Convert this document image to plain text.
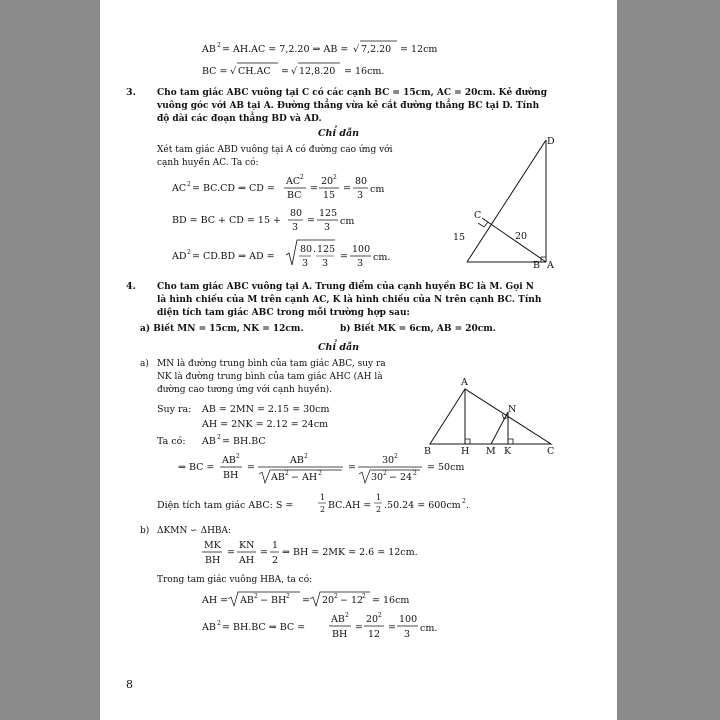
AB 2 = AH.AC = 7,2.20 ⇒ AB = √ 7,2.20 = 12cm
BC = √ CH.AC = √ 12,8.20 = 16cm.
3. Cho tam giác ABC vuông tại C có các cạnh BC = 15cm, AC = 20cm. Kẻ đường
vuông góc với AB tại A. Đường thẳng vừa kẻ cắt đường thẳng BC tại D. Tính
độ dài các đoạn thẳng BD và AD.
Chỉ dẫn
Xét tam giác ABD vuông tại A có đường cao ứng với
cạnh huyền AC. Ta có:
AC 2 = BC.CD ⇒ CD =
AC 2
BC
=
20 2
15
=
80
3
cm
BD = BC + CD = 15 +
80
3
=
125
3
cm
AD 2 = CD.BD ⇒ AD =
80 . 125
3 3
=
100
3
cm.
D
C
15	20
B A
4. Cho tam giác ABC vuông tại A. Trung điểm của cạnh huyền BC là M. Gọi N
là hình chiếu của M trên cạnh AC, K là hình chiếu của N trên cạnh BC. Tính
diện tích tam giác ABC trong mỗi trường hợp sau:
a) Biết MN = 15cm, NK = 12cm.	b) Biết MK = 6cm, AB = 20cm.
Chỉ dẫn
a) MN là đường trung bình của tam giác ABC, suy ra
NK là đường trung bình của tam giác AHC (AH là
đường cao tương ứng với cạnh huyền).
Suy ra: AB = 2MN = 2.15 = 30cm
AH = 2NK = 2.12 = 24cm
Ta có: AB 2 = BH.BC
⇒ BC =
AB 2
BH
=
AB 2
AB 2 − AH 2
=
30 2
30 2 − 24 2
= 50cm
Diện tích tam giác ABC: S =
1
2 BC.AH =
1
2 .50.24 = 600cm 2 .
b) ΔKMN ∽ ΔHBA:
MK
BH
=
KN
AH
=
1
2
⇒ BH = 2MK = 2.6 = 12cm.
Trong tam giác vuông HBA, ta có:
AH = AB 2 − BH 2 = 20 2 − 12
2 = 16cm
AB 2 = BH.BC ⇒ BC =
AB 2
BH
=
20 2
12
=
100
3
cm.
A
N
B	H M K	C
8
